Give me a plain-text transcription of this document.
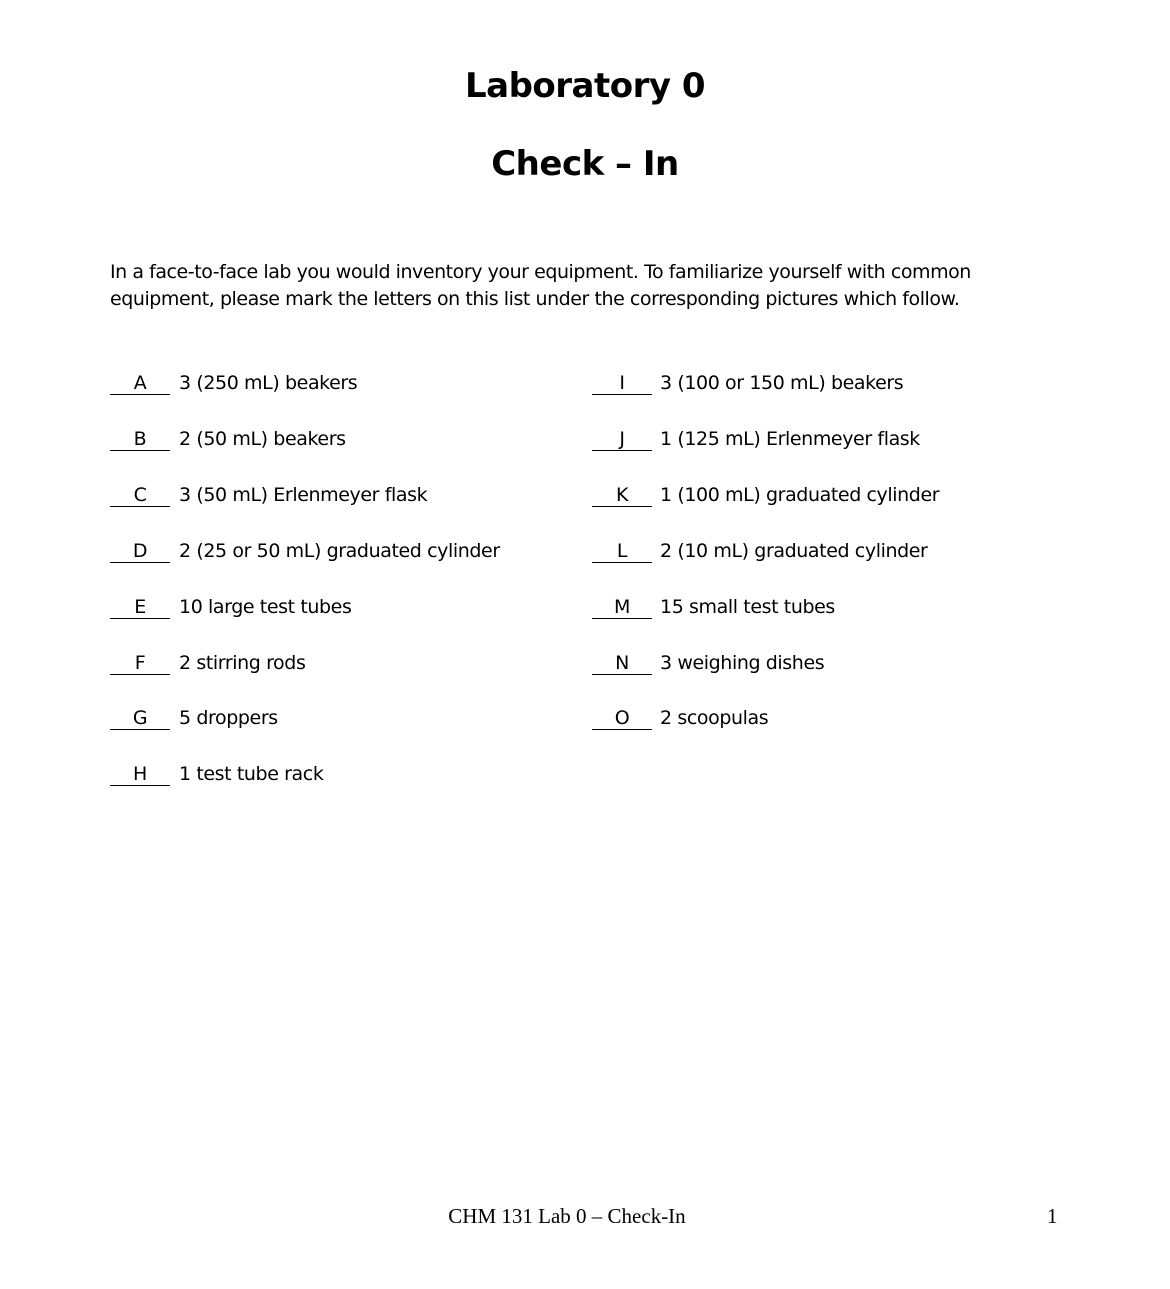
Laboratory 0
Check – In

In a face-to-face lab you would inventory your equipment. To familiarize yourself with common equipment, please mark the letters on this list under the corresponding pictures which follow.

A	3 (250 mL) beakers
B	2 (50 mL) beakers
C	3 (50 mL) Erlenmeyer flask
D	2 (25 or 50 mL) graduated cylinder
E	10 large test tubes
F	2 stirring rods
G	5 droppers
H	1 test tube rack
I	3 (100 or 150 mL) beakers
J	1 (125 mL) Erlenmeyer flask
K	1 (100 mL) graduated cylinder
L	2 (10 mL) graduated cylinder
M	15 small test tubes
N	3 weighing dishes
O	2 scoopulas
CHM 131 Lab 0 – Check-In	1
